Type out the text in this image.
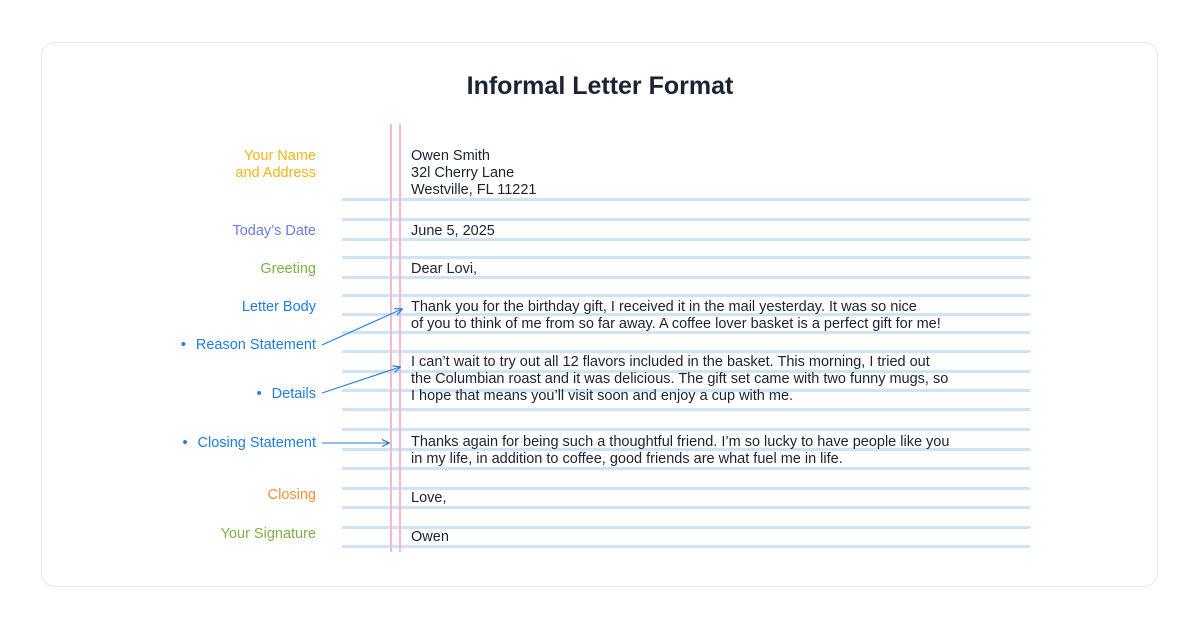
Informal Letter Format
Your Name
and Address
Today’s Date
Greeting
Letter Body
• Reason Statement
• Details
• Closing Statement
Closing
Your Signature
Owen Smith
32l Cherry Lane
Westville, FL 11221
June 5, 2025
Dear Lovi,
Thank you for the birthday gift, I received it in the mail yesterday. It was so nice
of you to think of me from so far away. A coffee lover basket is a perfect gift for me!
I can’t wait to try out all 12 flavors included in the basket. This morning, I tried out
the Columbian roast and it was delicious. The gift set came with two funny mugs, so
I hope that means you’ll visit soon and enjoy a cup with me.
Thanks again for being such a thoughtful friend. I’m so lucky to have people like you
in my life, in addition to coffee, good friends are what fuel me in life.
Love,
Owen
